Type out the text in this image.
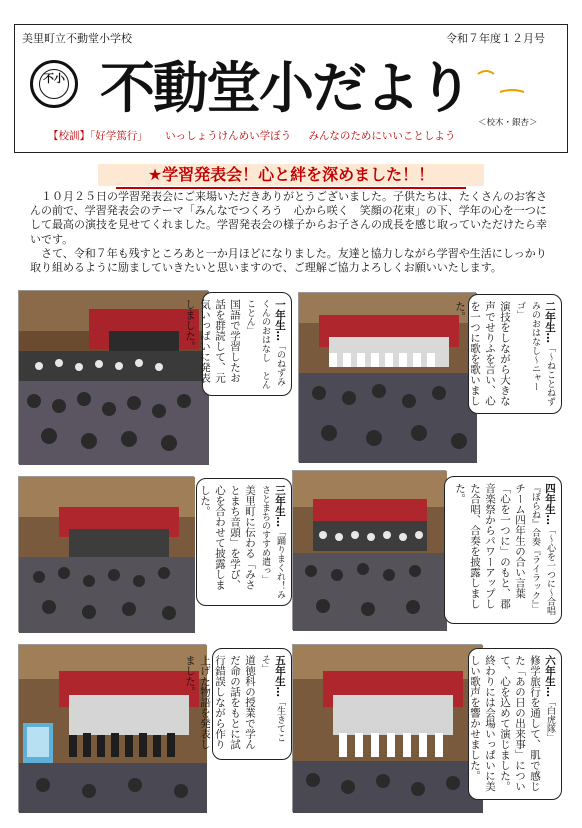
美里町立不動堂小学校	令和７年度１２月号
不小 不動堂小だより
＜校木・銀杏＞
【校訓】「好学篤行」 いっしょうけんめい学ぼう みんなのためにいいことしよう
★学習発表会！心と絆を深めました！！

１０月２５日の学習発表会にご来場いただきありがとうございました。子供たちは、たくさんのお客さんの前で、学習発表会のテーマ「みんなでつくろう　心から咲く　笑顔の花束」の下、学年の心を一つにして最高の演技を見せてくれました。学習発表会の様子からお子さんの成長を感じ取っていただけたら幸いです。

さて、令和７年も残すところあと一か月ほどになりました。友達と協力しながら学習や生活にしっかり取り組めるように励ましていきたいと思いますので、ご理解ご協力よろしくお願いいたします。

一年生…「のねずみくんのおはなし　とんことん」
国語で学習したお話を群読して、元気いっぱいに発表しました。	二年生…「～ねことねずみのおはなし～ニャーゴ」
演技をしながら大きな声でせりふを言い、心を一つに歌を歌いました。
三年生…「踊りまくれ！みさとまちのすすめ遣っ」
美里町に伝わる「みさとまち音頭」を学び、心を合わせて披露しました。	四年生…「～心を一つに～合唱『ぼらね』合奏『ライラック』」
チーム四年生の合い言葉「心を一つに」のもと、郡音楽祭からパワーアップした合唱、合奏を披露しました。
五年生…「生きてこそ」
道徳科の授業で学んだ命の話をもとに試行錯誤しながら作り上げた物語を発表しました。	六年生…「白虎隊」
修学旅行を通して、肌で感じた「あの日の出来事」について、心を込めて演じました。終わりには会場いっぱいに美しい歌声を響かせました。
